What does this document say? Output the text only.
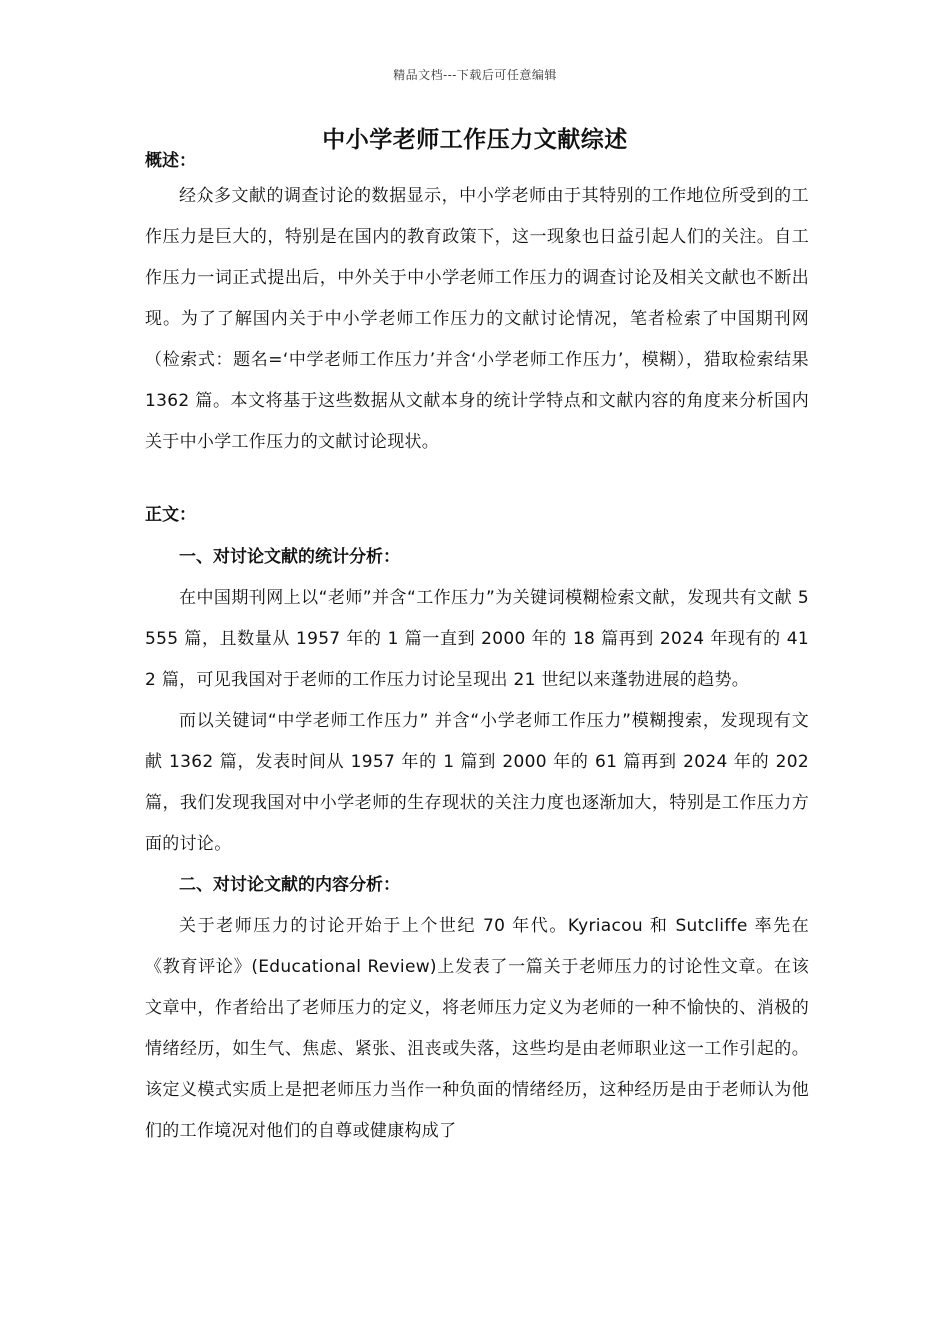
精品文档---下载后可任意编辑
中小学老师工作压力文献综述

概述：

经众多文献的调查讨论的数据显示，中小学老师由于其特别的工作地位所受到的工作压力是巨大的，特别是在国内的教育政策下，这一现象也日益引起人们的关注。自工作压力一词正式提出后，中外关于中小学老师工作压力的调查讨论及相关文献也不断出现。为了了解国内关于中小学老师工作压力的文献讨论情况，笔者检索了中国期刊网（检索式：题名=‘中学老师工作压力’并含‘小学老师工作压力’，模糊），猎取检索结果 1362 篇。本文将基于这些数据从文献本身的统计学特点和文献内容的角度来分析国内关于中小学工作压力的文献讨论现状。

正文：

一、对讨论文献的统计分析：

在中国期刊网上以“老师”并含“工作压力”为关键词模糊检索文献，发现共有文献 5555 篇，且数量从 1957 年的 1 篇一直到 2000 年的 18 篇再到 2024 年现有的 412 篇，可见我国对于老师的工作压力讨论呈现出 21 世纪以来蓬勃进展的趋势。

而以关键词“中学老师工作压力” 并含“小学老师工作压力”模糊搜索，发现现有文献 1362 篇，发表时间从 1957 年的 1 篇到 2000 年的 61 篇再到 2024 年的 202 篇，我们发现我国对中小学老师的生存现状的关注力度也逐渐加大，特别是工作压力方面的讨论。

二、对讨论文献的内容分析：

关于老师压力的讨论开始于上个世纪 70 年代。Kyriacou 和 Sutcliffe 率先在《教育评论》(Educational Review)上发表了一篇关于老师压力的讨论性文章。在该文章中，作者给出了老师压力的定义，将老师压力定义为老师的一种不愉快的、消极的情绪经历，如生气、焦虑、紧张、沮丧或失落，这些均是由老师职业这一工作引起的。该定义模式实质上是把老师压力当作一种负面的情绪经历，这种经历是由于老师认为他们的工作境况对他们的自尊或健康构成了
